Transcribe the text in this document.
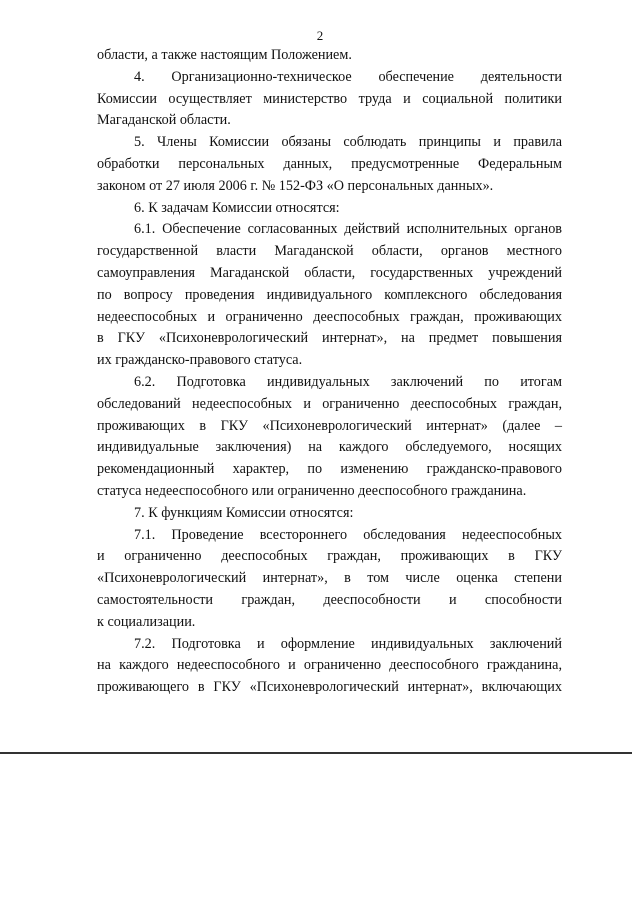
2
области, а также настоящим Положением.
4. Организационно-техническое обеспечение деятельности
Комиссии осуществляет министерство труда и социальной политики
Магаданской области.
5. Члены Комиссии обязаны соблюдать принципы и правила
обработки персональных данных, предусмотренные Федеральным
законом от 27 июля 2006 г. № 152-ФЗ «О персональных данных».
6. К задачам Комиссии относятся:
6.1. Обеспечение согласованных действий исполнительных органов
государственной власти Магаданской области, органов местного
самоуправления Магаданской области, государственных учреждений
по вопросу проведения индивидуального комплексного обследования
недееспособных и ограниченно дееспособных граждан, проживающих
в ГКУ «Психоневрологический интернат», на предмет повышения
их гражданско-правового статуса.
6.2. Подготовка индивидуальных заключений по итогам
обследований недееспособных и ограниченно дееспособных граждан,
проживающих в ГКУ «Психоневрологический интернат» (далее –
индивидуальные заключения) на каждого обследуемого, носящих
рекомендационный характер, по изменению гражданско-правового
статуса недееспособного или ограниченно дееспособного гражданина.
7. К функциям Комиссии относятся:
7.1. Проведение всестороннего обследования недееспособных
и ограниченно дееспособных граждан, проживающих в ГКУ
«Психоневрологический интернат», в том числе оценка степени
самостоятельности граждан, дееспособности и способности
к социализации.
7.2. Подготовка и оформление индивидуальных заключений
на каждого недееспособного и ограниченно дееспособного гражданина,
проживающего в ГКУ «Психоневрологический интернат», включающих
